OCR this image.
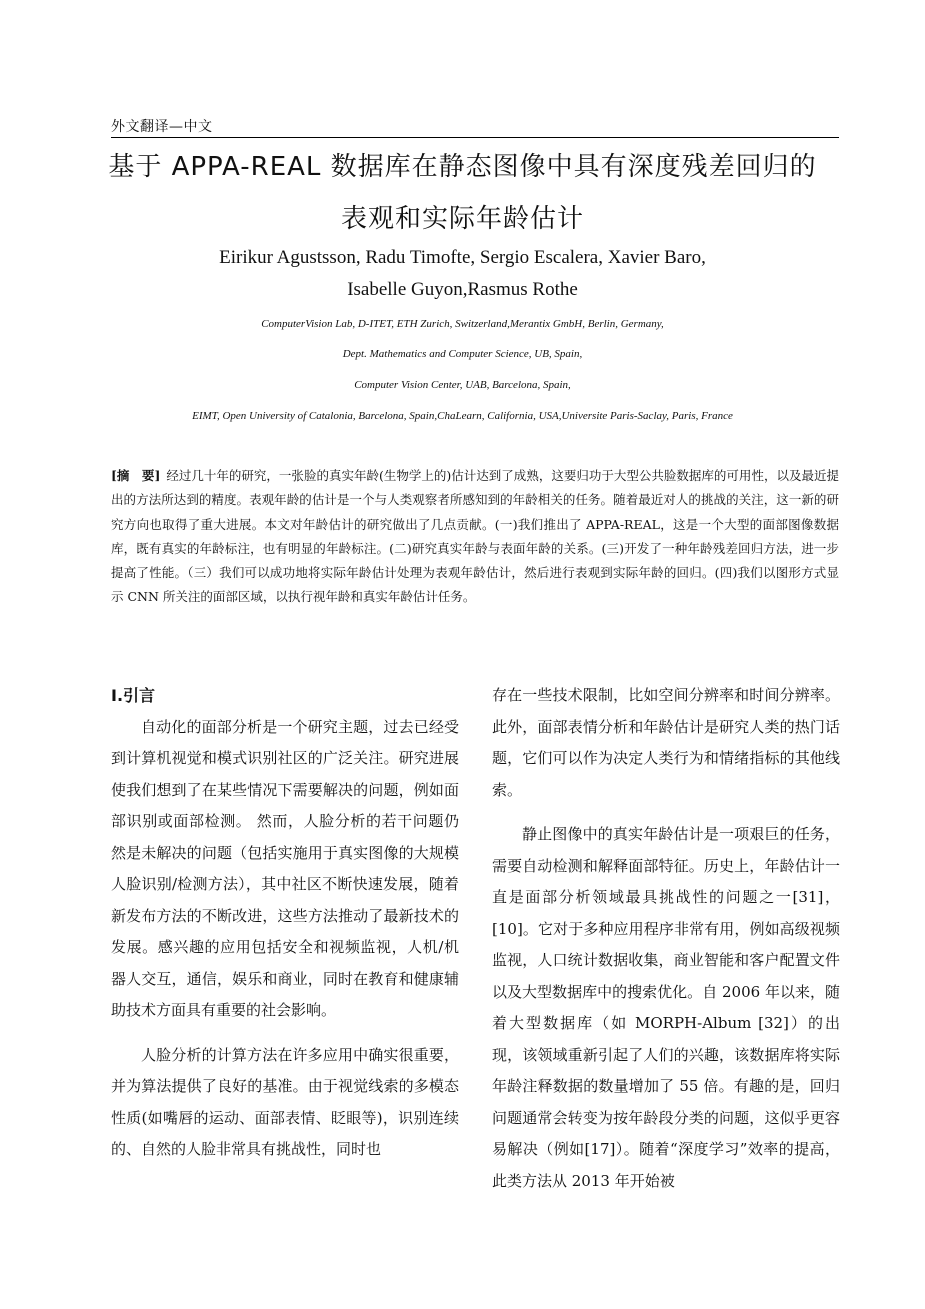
外文翻译—中文
基于 APPA-REAL 数据库在静态图像中具有深度残差回归的
表观和实际年龄估计
Eirikur Agustsson, Radu Timofte, Sergio Escalera, Xavier Baro,
Isabelle Guyon,Rasmus Rothe
ComputerVision Lab, D-ITET, ETH Zurich, Switzerland,Merantix GmbH, Berlin, Germany,
Dept. Mathematics and Computer Science, UB, Spain,
Computer Vision Center, UAB, Barcelona, Spain,
EIMT, Open University of Catalonia, Barcelona, Spain,ChaLearn, California, USA,Universite Paris-Saclay, Paris, France
[摘　要] 经过几十年的研究，一张脸的真实年龄(生物学上的)估计达到了成熟，这要归功于大型公共脸数据库的可用性，以及最近提出的方法所达到的精度。表观年龄的估计是一个与人类观察者所感知到的年龄相关的任务。随着最近对人的挑战的关注，这一新的研究方向也取得了重大进展。本文对年龄估计的研究做出了几点贡献。(一)我们推出了 APPA-REAL，这是一个大型的面部图像数据库，既有真实的年龄标注，也有明显的年龄标注。(二)研究真实年龄与表面年龄的关系。(三)开发了一种年龄残差回归方法，进一步提高了性能。（三）我们可以成功地将实际年龄估计处理为表观年龄估计，然后进行表观到实际年龄的回归。(四)我们以图形方式显示 CNN 所关注的面部区域，以执行视年龄和真实年龄估计任务。

I.引言

自动化的面部分析是一个研究主题，过去已经受到计算机视觉和模式识别社区的广泛关注。研究进展使我们想到了在某些情况下需要解决的问题，例如面部识别或面部检测。 然而，人脸分析的若干问题仍然是未解决的问题（包括实施用于真实图像的大规模人脸识别/检测方法），其中社区不断快速发展，随着新发布方法的不断改进，这些方法推动了最新技术的发展。感兴趣的应用包括安全和视频监视，人机/机器人交互，通信，娱乐和商业，同时在教育和健康辅助技术方面具有重要的社会影响。

人脸分析的计算方法在许多应用中确实很重要，并为算法提供了良好的基准。由于视觉线索的多模态性质(如嘴唇的运动、面部表情、眨眼等)，识别连续的、自然的人脸非常具有挑战性，同时也

存在一些技术限制，比如空间分辨率和时间分辨率。此外，面部表情分析和年龄估计是研究人类的热门话题，它们可以作为决定人类行为和情绪指标的其他线索。

静止图像中的真实年龄估计是一项艰巨的任务，需要自动检测和解释面部特征。历史上，年龄估计一直是面部分析领域最具挑战性的问题之一[31]，[10]。它对于多种应用程序非常有用，例如高级视频监视，人口统计数据收集，商业智能和客户配置文件以及大型数据库中的搜索优化。自 2006 年以来，随着大型数据库（如 MORPH-Album [32]）的出现，该领域重新引起了人们的兴趣，该数据库将实际年龄注释数据的数量增加了 55 倍。有趣的是，回归问题通常会转变为按年龄段分类的问题，这似乎更容易解决（例如[17]）。随着“深度学习”效率的提高，此类方法从 2013 年开始被
